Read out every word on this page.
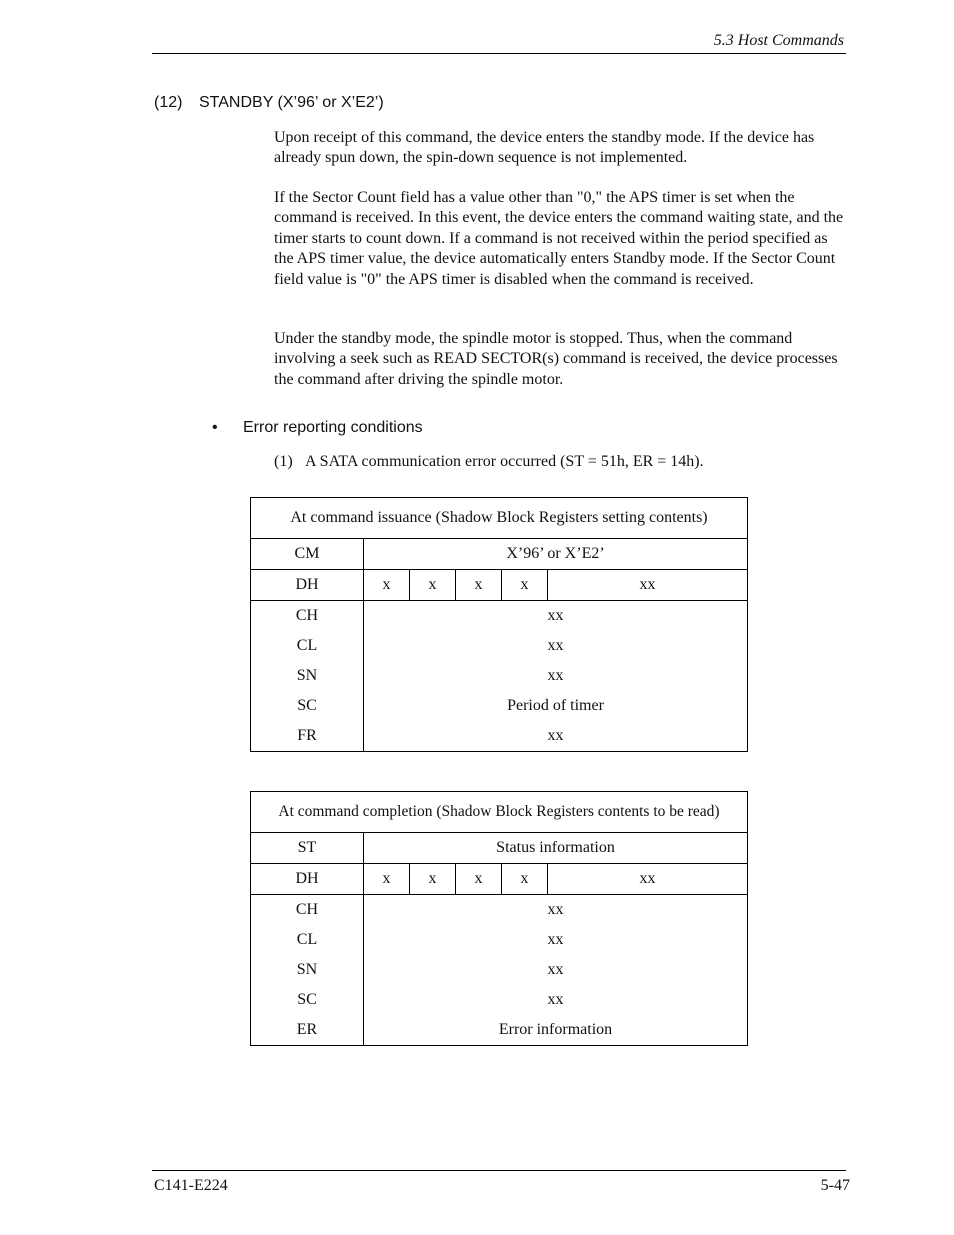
5.3 Host Commands
(12) STANDBY (X’96’ or X’E2’)

Upon receipt of this command, the device enters the standby mode. If the device has already spun down, the spin-down sequence is not implemented.

If the Sector Count field has a value other than "0," the APS timer is set when the command is received. In this event, the device enters the command waiting state, and the timer starts to count down. If a command is not received within the period specified as the APS timer value, the device automatically enters Standby mode. If the Sector Count field value is "0" the APS timer is disabled when the command is received.

Under the standby mode, the spindle motor is stopped. Thus, when the command involving a seek such as READ SECTOR(s) command is received, the device processes the command after driving the spindle motor.

• Error reporting conditions
(1) A SATA communication error occurred (ST = 51h, ER = 14h).
At command issuance (Shadow Block Registers setting contents)					
CM	X’96’ or X’E2’				
DH	x	x	x	x	xx
CH	xx				
CL	xx				
SN	xx				
SC	Period of timer				
FR	xx				
At command completion (Shadow Block Registers contents to be read)					
ST	Status information				
DH	x	x	x	x	xx
CH	xx				
CL	xx				
SN	xx				
SC	xx				
ER	Error information				
C141-E224	5-47
